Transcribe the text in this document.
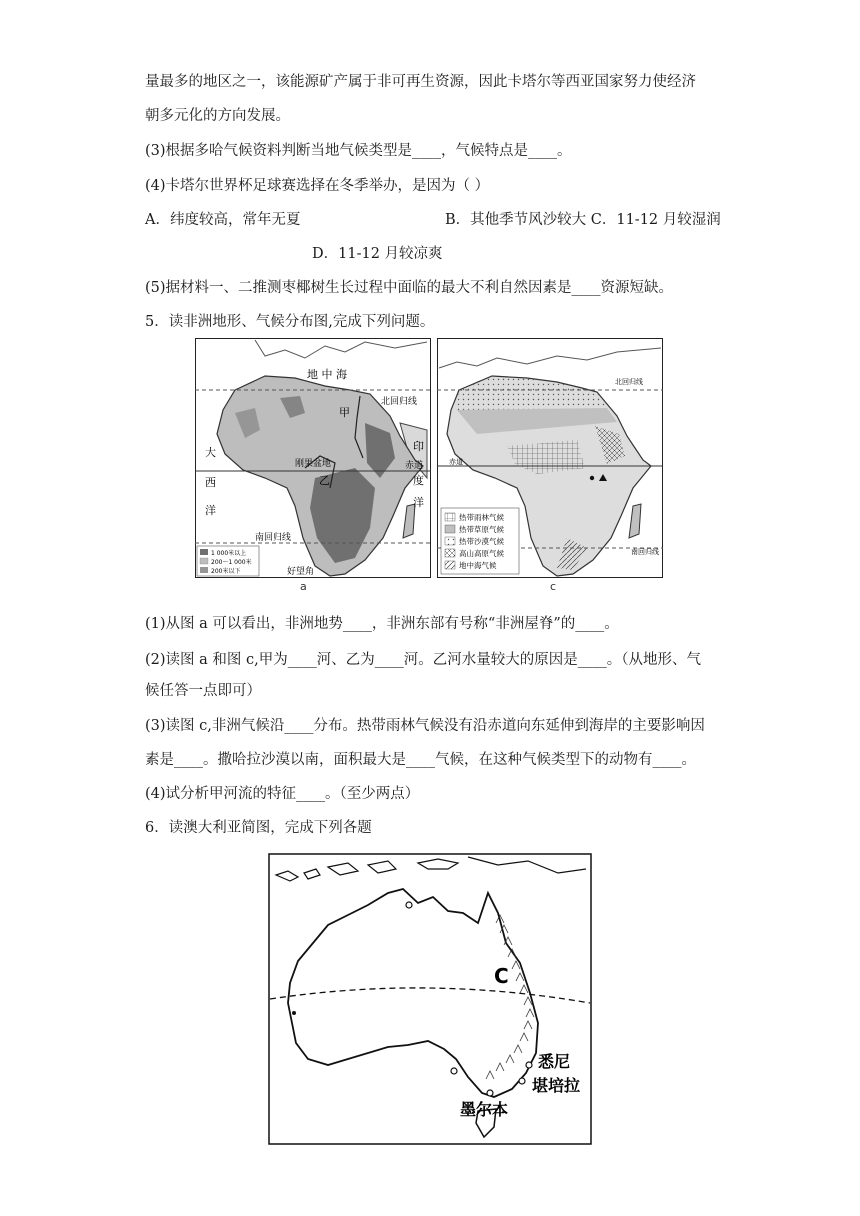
量最多的地区之一，该能源矿产属于非可再生资源，因此卡塔尔等西亚国家努力使经济
朝多元化的方向发展。
(3)根据多哈气候资料判断当地气候类型是____，气候特点是____。
(4)卡塔尔世界杯足球赛选择在冬季举办，是因为（ ）
A．纬度较高，常年无夏	B．其他季节风沙较大 C．11-12 月较湿润
D．11-12 月较凉爽
(5)据材料一、二推测枣椰树生长过程中面临的最大不利自然因素是____资源短缺。
5．读非洲地形、气候分布图,完成下列问题。
地 中 海
甲
北回归线
大
西
洋
印
度
洋
赤道
刚果盆地
乙
南回归线
好望角
1 000米以上
200～1 000米
200米以下
a
北回归线
赤道
南回归线
热带雨林气候
热带草原气候
热带沙漠气候
高山高原气候
地中海气候
c
(1)从图 a 可以看出，非洲地势____，非洲东部有号称“非洲屋脊”的____。
(2)读图 a 和图 c,甲为____河、乙为____河。乙河水量较大的原因是____。（从地形、气
候任答一点即可）
(3)读图 c,非洲气候沿____分布。热带雨林气候没有沿赤道向东延伸到海岸的主要影响因
素是____。撒哈拉沙漠以南，面积最大是____气候，在这种气候类型下的动物有____。
(4)试分析甲河流的特征____。（至少两点）
6．读澳大利亚简图，完成下列各题
C
悉尼
堪培拉
墨尔本
